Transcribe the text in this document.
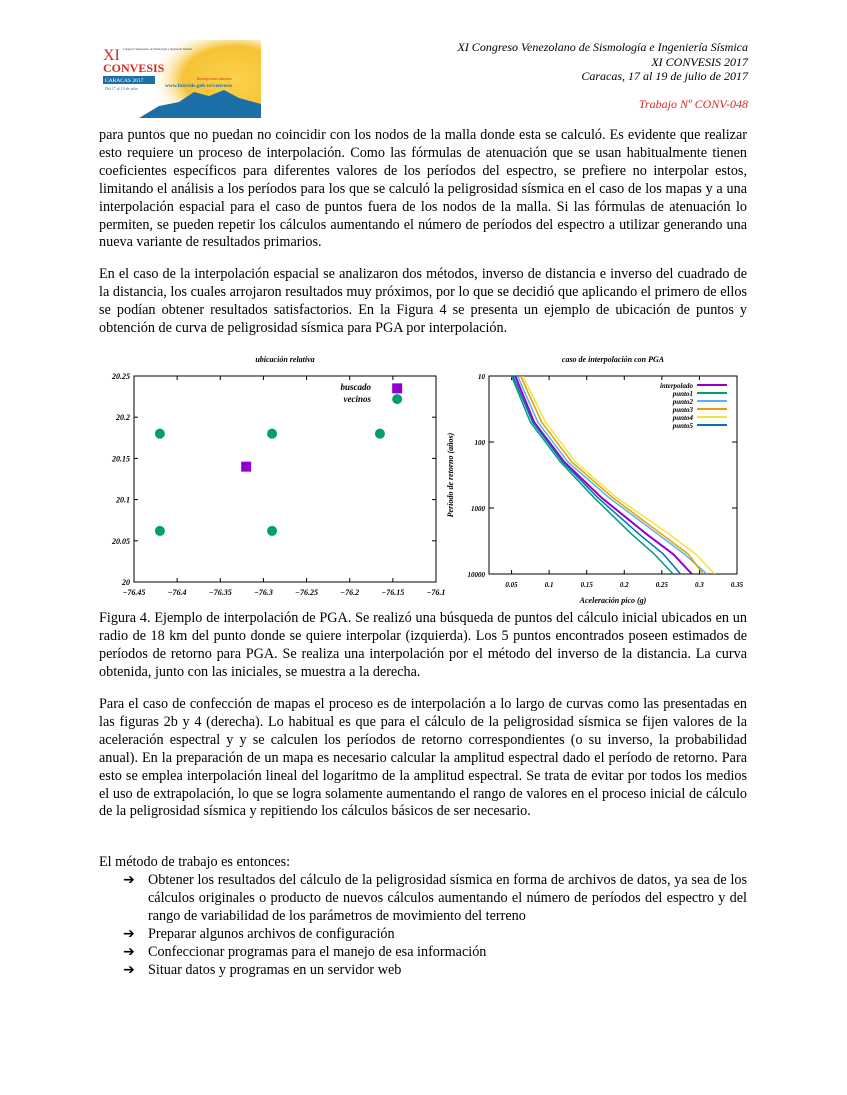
XI
CONVESIS
Congreso Venezolano de Sismología e Ingeniería Sísmica
CARACAS 2017
Del 17 al 19 de julio
Inscripciones abiertas
www.funvisis.gob.ve/convesis
XI Congreso Venezolano de Sismología e Ingeniería Sísmica
XI CONVESIS 2017
Caracas, 17 al 19 de julio de 2017
Trabajo Nº CONV-048

para puntos que no puedan no coincidir con los nodos de la malla donde esta se calculó. Es evidente que realizar esto requiere un proceso de interpolación. Como las fórmulas de atenuación que se usan habitualmente tienen coeficientes específicos para diferentes valores de los períodos del espectro, se prefiere no interpolar estos, limitando el análisis a los períodos para los que se calculó la peligrosidad sísmica en el caso de los mapas y a una interpolación espacial para el caso de puntos fuera de los nodos de la malla. Si las fórmulas de atenuación lo permiten, se pueden repetir los cálculos aumentando el número de períodos del espectro a utilizar generando una nueva variante de resultados primarios.

En el caso de la interpolación espacial se analizaron dos métodos, inverso de distancia e inverso del cuadrado de la distancia, los cuales arrojaron resultados muy próximos, por lo que se decidió que aplicando el primero de ellos se podían obtener resultados satisfactorios. En la Figura 4 se presenta un ejemplo de ubicación de puntos y obtención de curva de peligrosidad sísmica para PGA por interpolación.

ubicación relativa
−76.45	−76.4	−76.35	−76.3	−76.25	−76.2	−76.15	−76.1
20
20.05
20.1
20.15
20.2
20.25
buscado
vecinos
caso de interpolación con PGA
0.05	0.1	0.15	0.2	0.25	0.3	0.35
10
100
1000
10000
Aceleración pico (g)
Período de retorno (años)
interpolado
punto1
punto2
punto3
punto4
punto5

Figura 4. Ejemplo de interpolación de PGA. Se realizó una búsqueda de puntos del cálculo inicial ubicados en un radio de 18 km del punto donde se quiere interpolar (izquierda). Los 5 puntos encontrados poseen estimados de períodos de retorno para PGA. Se realiza una interpolación por el método del inverso de la distancia. La curva obtenida, junto con las iniciales, se muestra a la derecha.

Para el caso de confección de mapas el proceso es de interpolación a lo largo de curvas como las presentadas en las figuras 2b y 4 (derecha). Lo habitual es que para el cálculo de la peligrosidad sísmica se fijen valores de la aceleración espectral y y se calculen los períodos de retorno correspondientes (o su inverso, la probabilidad anual). En la preparación de un mapa es necesario calcular la amplitud espectral dado el período de retorno. Para esto se emplea interpolación lineal del logaritmo de la amplitud espectral. Se trata de evitar por todos los medios el uso de extrapolación, lo que se logra solamente aumentando el rango de valores en el proceso inicial de cálculo de la peligrosidad sísmica y repitiendo los cálculos básicos de ser necesario.

El método de trabajo es entonces:

➔ Obtener los resultados del cálculo de la peligrosidad sísmica en forma de archivos de datos, ya sea de los cálculos originales o producto de nuevos cálculos aumentando el número de períodos del espectro y del rango de variabilidad de los parámetros de movimiento del terreno
➔ Preparar algunos archivos de configuración
➔ Confeccionar programas para el manejo de esa información
➔ Situar datos y programas en un servidor web
